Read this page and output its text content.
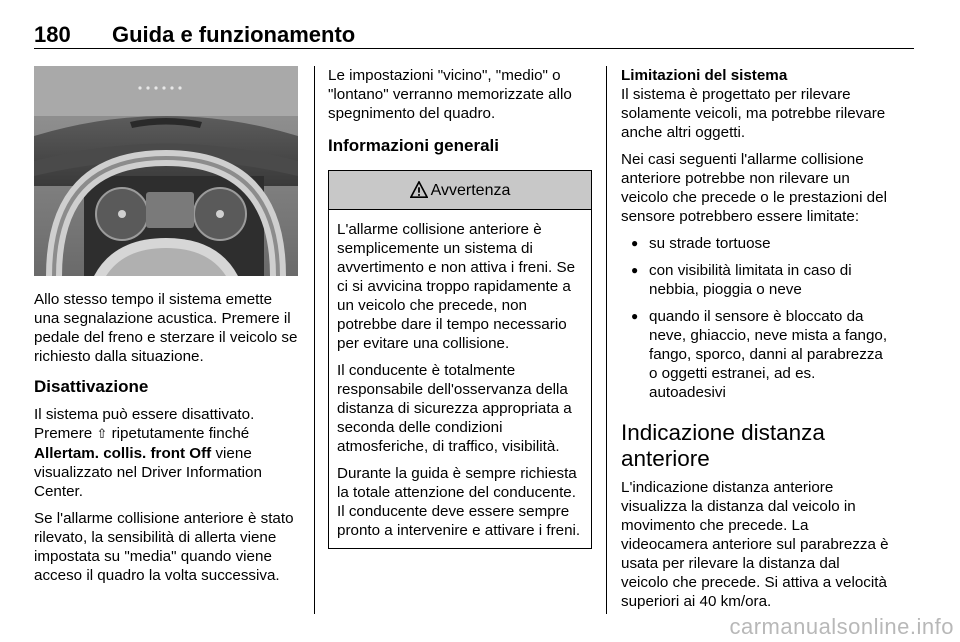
180 Guida e funzionamento

Allo stesso tempo il sistema emette una segnalazione acustica. Premere il pedale del freno e sterzare il veicolo se richiesto dalla situazione.

Disattivazione

Il sistema può essere disattivato. Premere ⇧ ripetutamente finché Allertam. collis. front Off viene visualizzato nel Driver Information Center.

Se l'allarme collisione anteriore è stato rilevato, la sensibilità di allerta viene impostata su "media" quando viene acceso il quadro la volta successiva.

Le impostazioni "vicino", "medio" o "lontano" verranno memorizzate allo spegnimento del quadro.

Informazioni generali
Avvertenza

L'allarme collisione anteriore è semplicemente un sistema di avvertimento e non attiva i freni. Se ci si avvicina troppo rapidamente a un veicolo che precede, non potrebbe dare il tempo necessario per evitare una collisione.

Il conducente è totalmente responsabile dell'osservanza della distanza di sicurezza appropriata a seconda delle condizioni atmosferiche, di traffico, visibilità.

Durante la guida è sempre richiesta la totale attenzione del conducente. Il conducente deve essere sempre pronto a intervenire e attivare i freni.

Limitazioni del sistema

Il sistema è progettato per rilevare solamente veicoli, ma potrebbe rilevare anche altri oggetti.

Nei casi seguenti l'allarme collisione anteriore potrebbe non rilevare un veicolo che precede o le prestazioni del sensore potrebbero essere limitate:

● su strade tortuose
● con visibilità limitata in caso di nebbia, pioggia o neve
● quando il sensore è bloccato da neve, ghiaccio, neve mista a fango, fango, sporco, danni al parabrezza o oggetti estranei, ad es. autoadesivi
Indicazione distanza anteriore

L'indicazione distanza anteriore visualizza la distanza dal veicolo in movimento che precede. La videocamera anteriore sul parabrezza è usata per rilevare la distanza dal veicolo che precede. Si attiva a velocità superiori ai 40 km/ora.

carmanualsonline.info
